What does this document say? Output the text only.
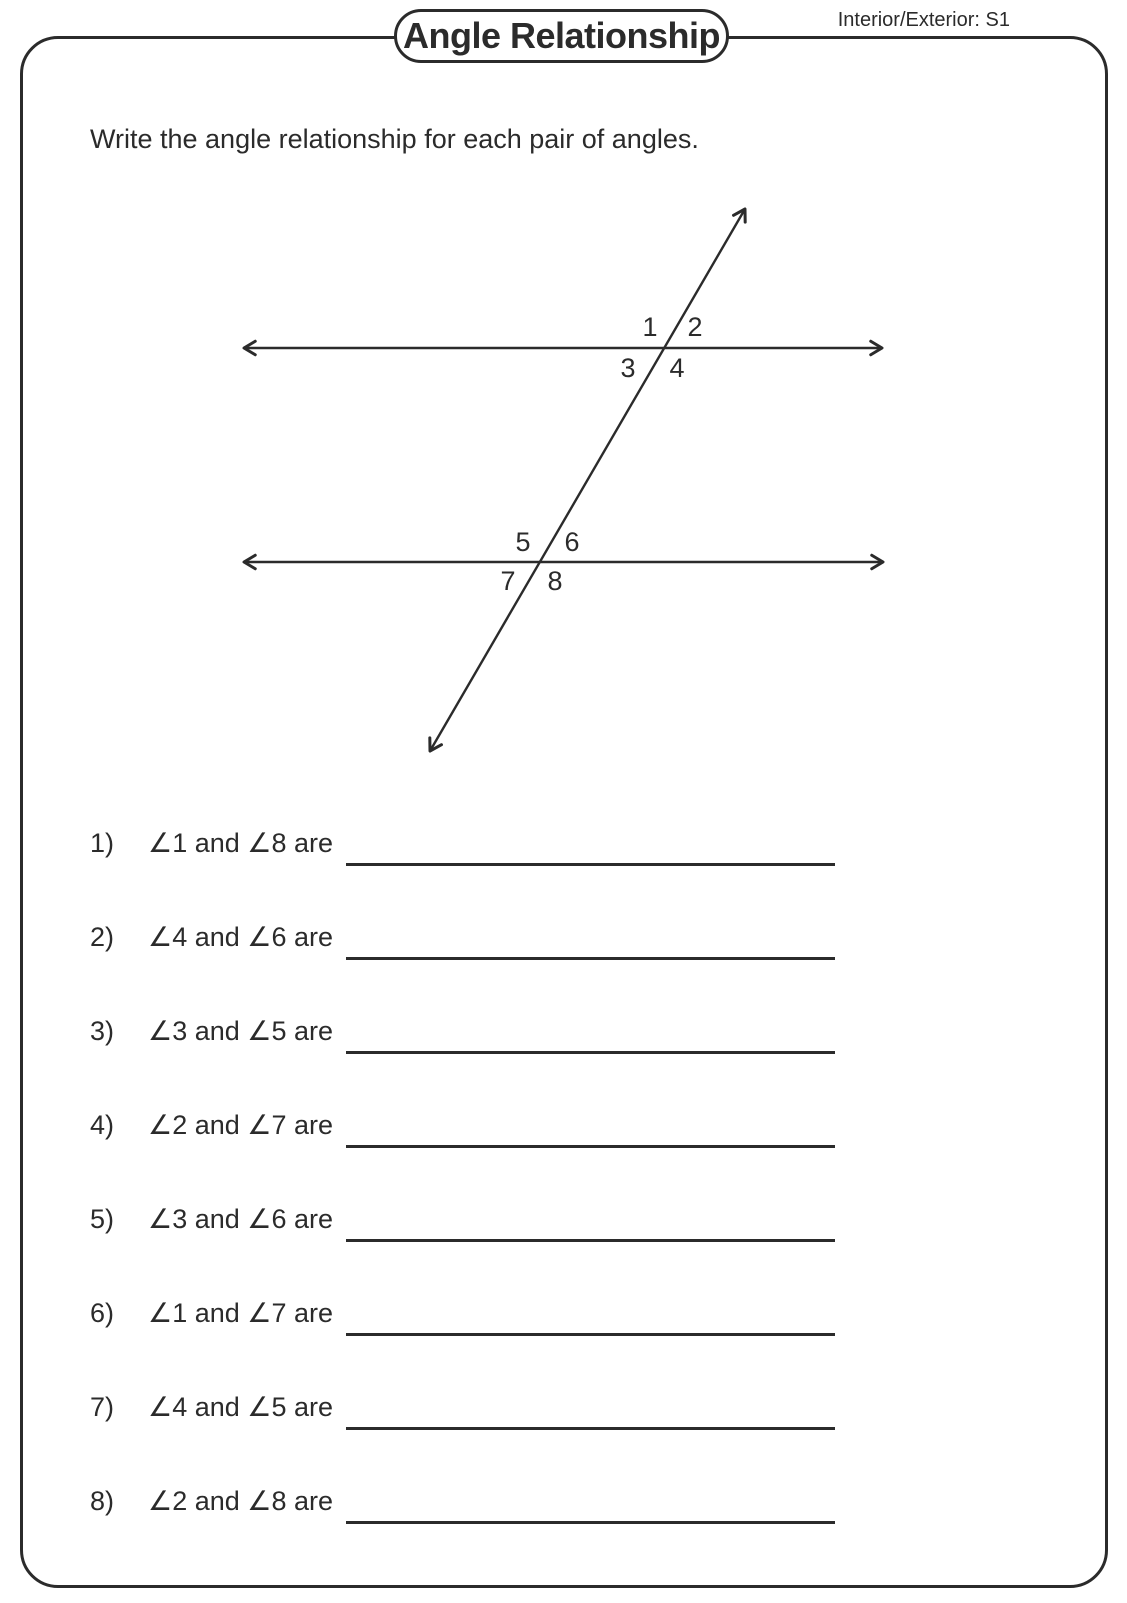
Angle Relationship	Interior/Exterior: S1
Write the angle relationship for each pair of angles.
1 2
3 4
5 6
7 8
1) ∠1 and ∠8 are
2) ∠4 and ∠6 are
3) ∠3 and ∠5 are
4) ∠2 and ∠7 are
5) ∠3 and ∠6 are
6) ∠1 and ∠7 are
7) ∠4 and ∠5 are
8) ∠2 and ∠8 are
